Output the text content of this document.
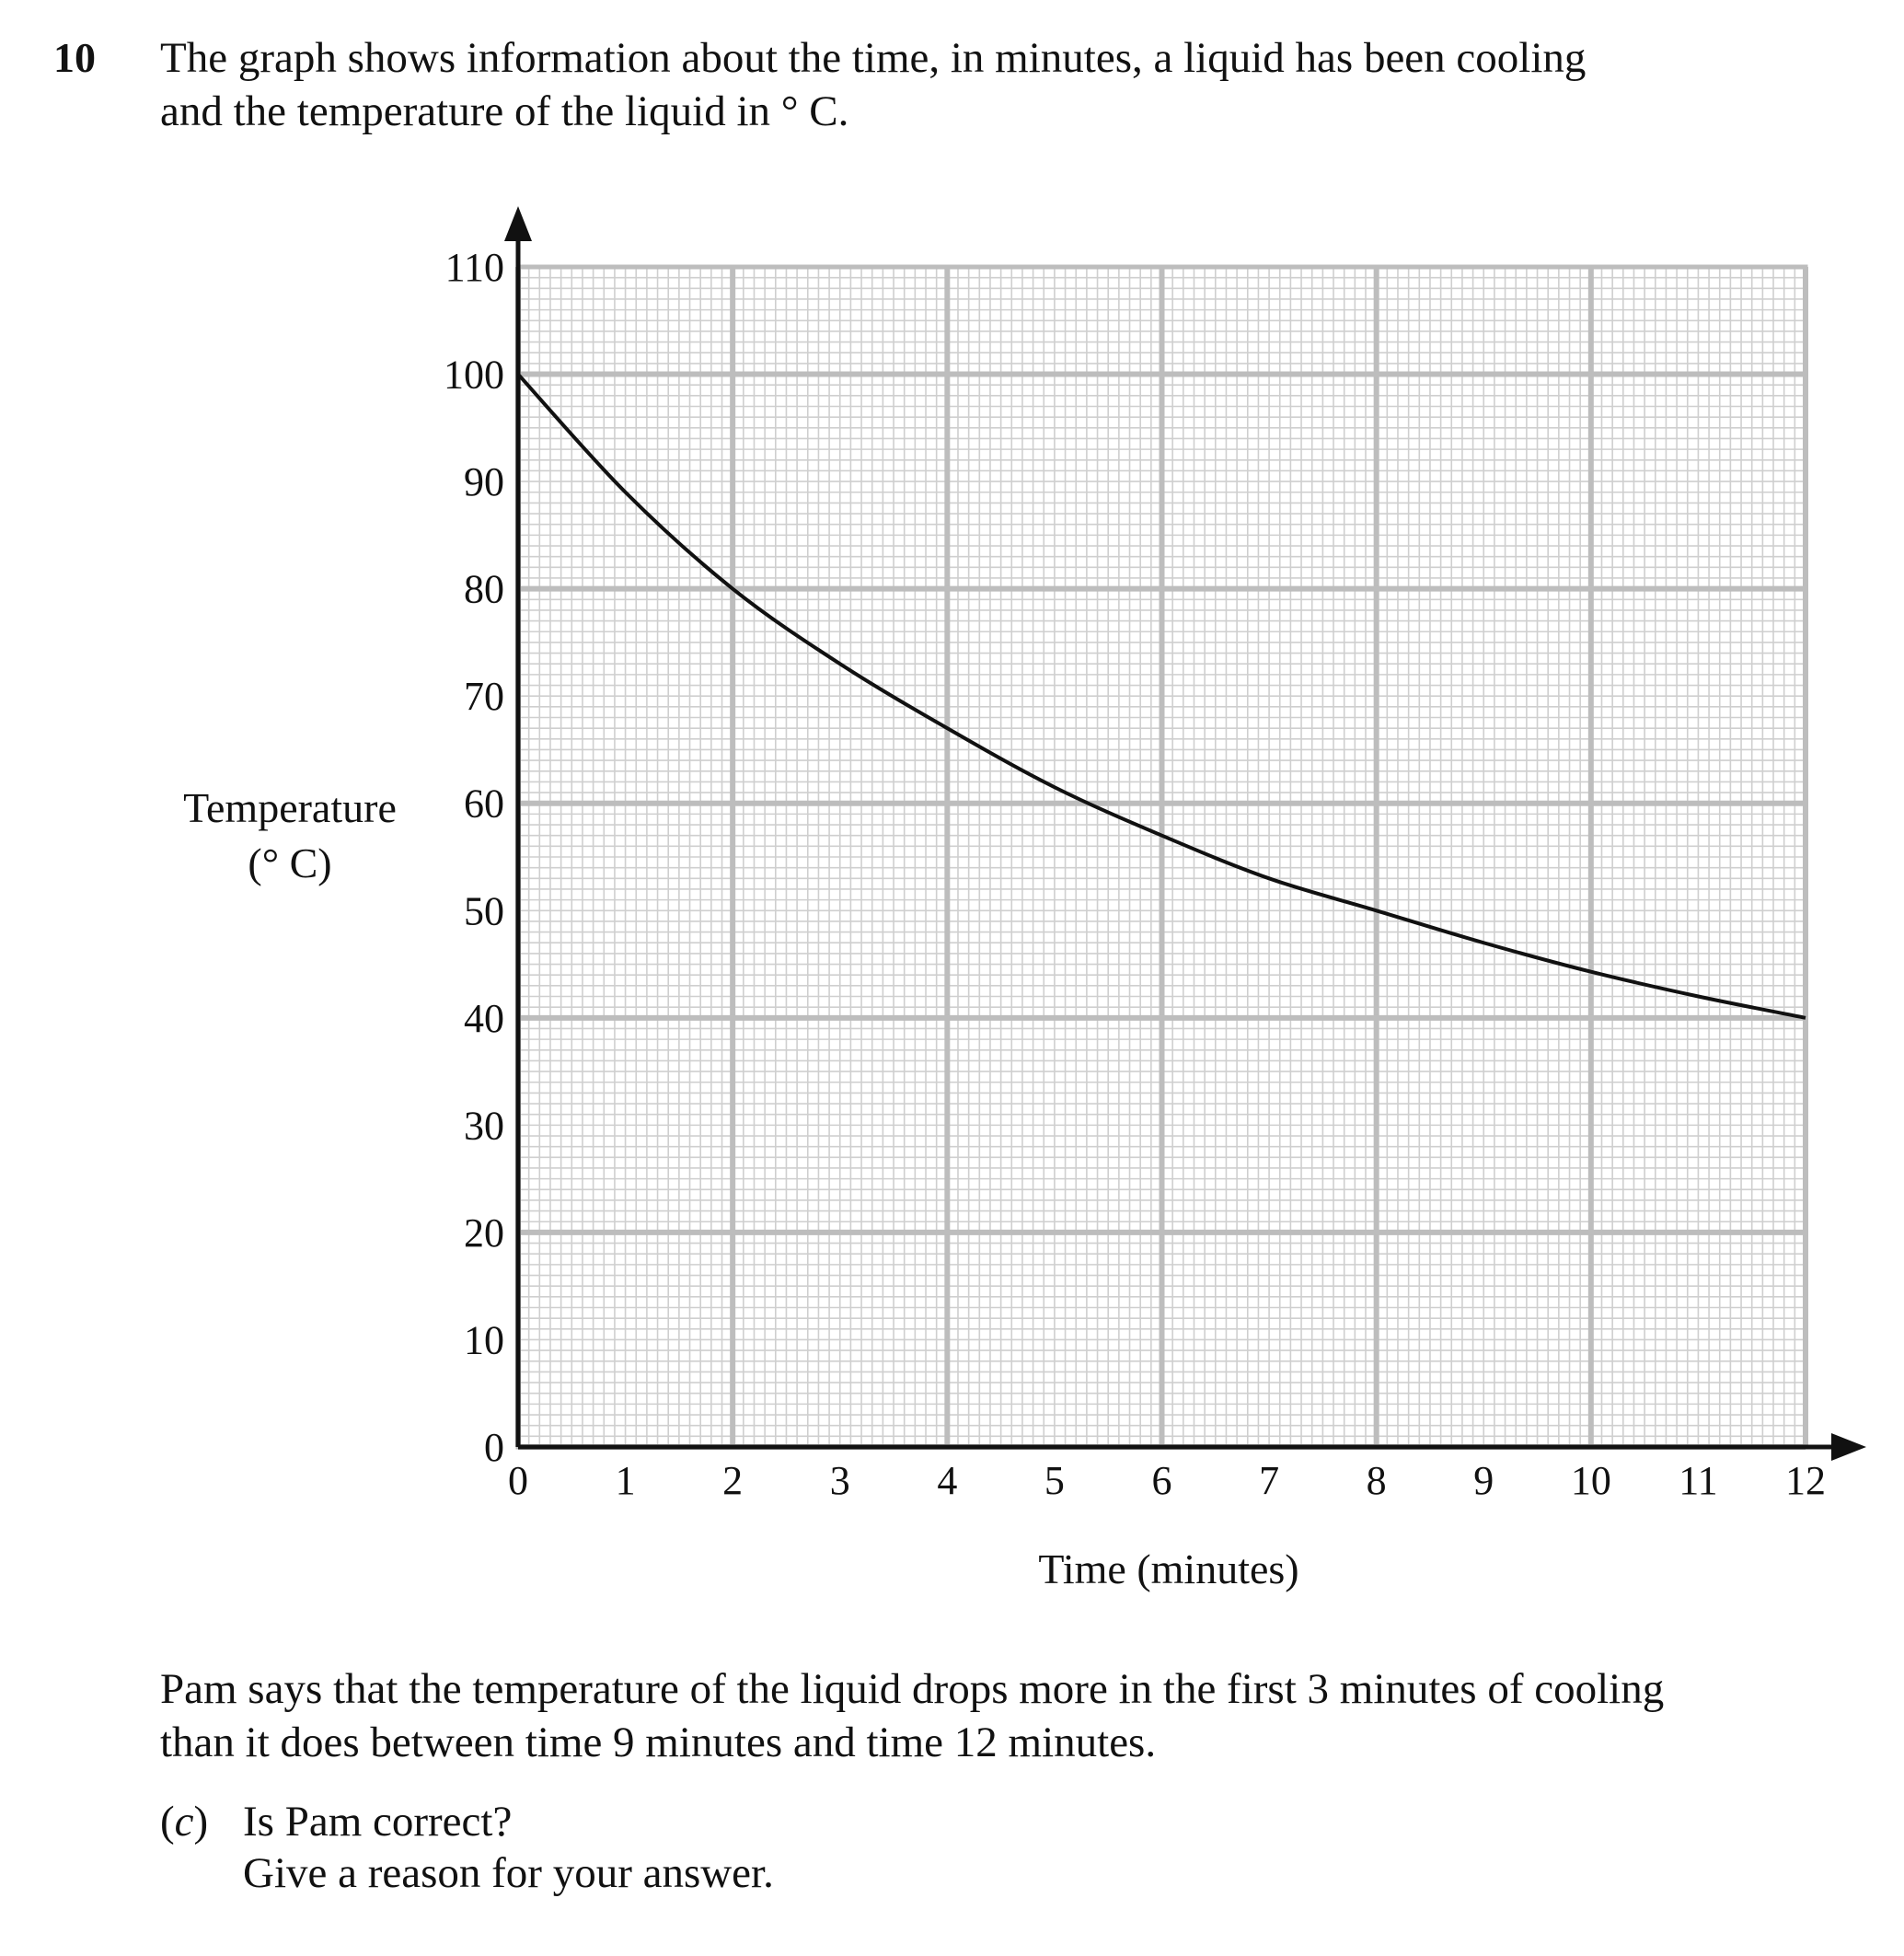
10 The graph shows information about the time, in minutes, a liquid has been cooling
and the temperature of the liquid in ° C.
0 1 2 3 4 5 6 7 8 9 10 11 12
0
10
20
30
40
50
60
70
80
90
100
110
Time (minutes)
Temperature
(° C)
Pam says that the temperature of the liquid drops more in the first 3 minutes of cooling
than it does between time 9 minutes and time 12 minutes.
(c) Is Pam correct?
Give a reason for your answer.
